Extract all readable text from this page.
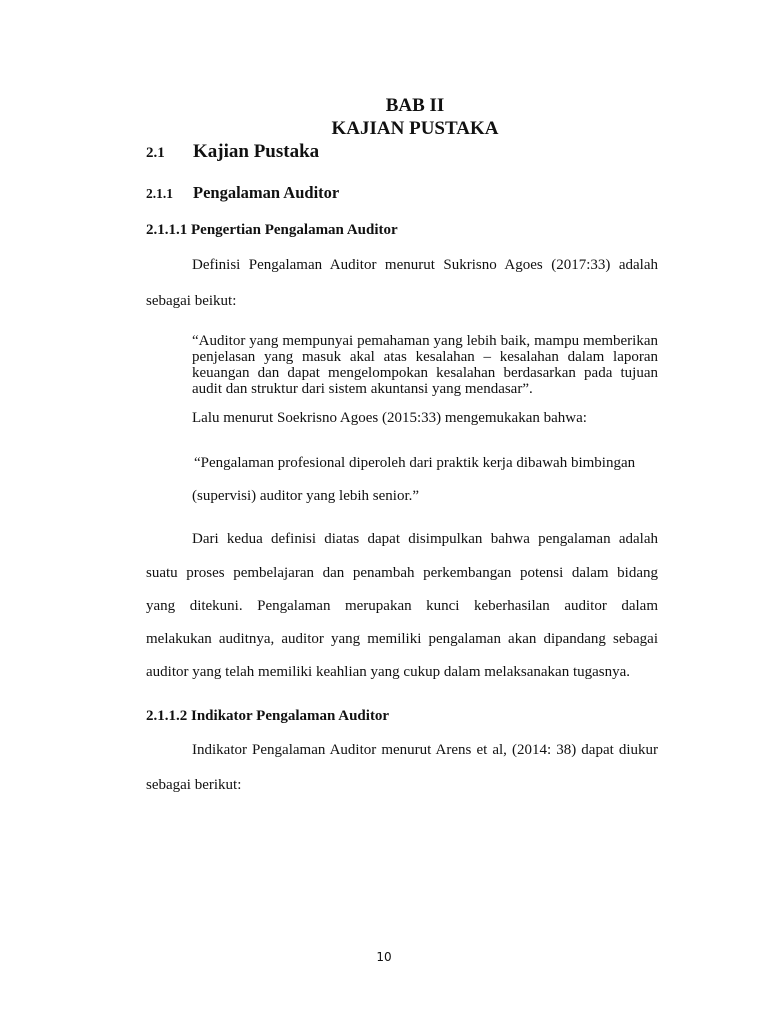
BAB II
KAJIAN PUSTAKA
2.1 Kajian Pustaka
2.1.1 Pengalaman Auditor
2.1.1.1 Pengertian Pengalaman Auditor
Definisi Pengalaman Auditor menurut Sukrisno Agoes (2017:33) adalah
sebagai beikut:

“Auditor yang mempunyai pemahaman yang lebih baik, mampu memberikan penjelasan yang masuk akal atas kesalahan – kesalahan dalam laporan keuangan dan dapat mengelompokan kesalahan berdasarkan pada tujuan audit dan struktur dari sistem akuntansi yang mendasar”.

Lalu menurut Soekrisno Agoes (2015:33) mengemukakan bahwa:
“Pengalaman profesional diperoleh dari praktik kerja dibawah bimbingan
(supervisi) auditor yang lebih senior.”
Dari kedua definisi diatas dapat disimpulkan bahwa pengalaman adalah
suatu proses pembelajaran dan penambah perkembangan potensi dalam bidang
yang ditekuni. Pengalaman merupakan kunci keberhasilan auditor dalam
melakukan auditnya, auditor yang memiliki pengalaman akan dipandang sebagai
auditor yang telah memiliki keahlian yang cukup dalam melaksanakan tugasnya.
2.1.1.2 Indikator Pengalaman Auditor
Indikator Pengalaman Auditor menurut Arens et al, (2014: 38) dapat diukur
sebagai berikut:
10
